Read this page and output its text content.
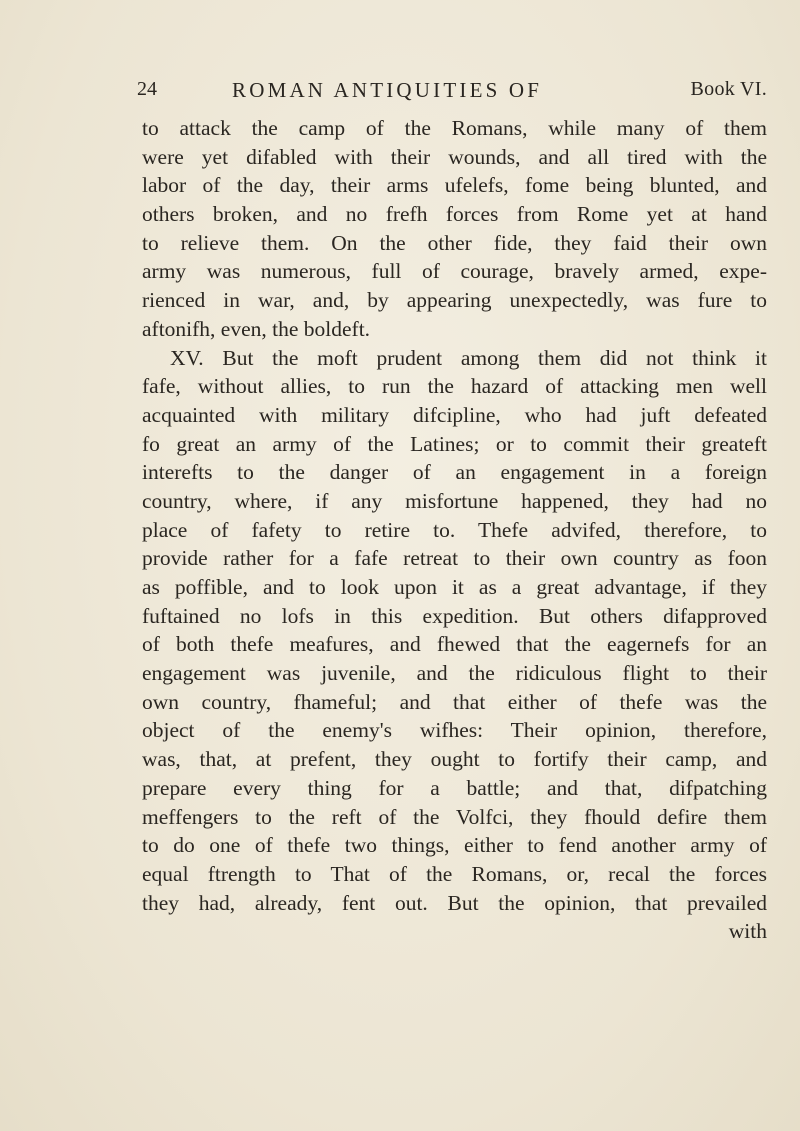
24	ROMAN ANTIQUITIES OF	Book VI.
to attack the camp of the Romans, while many of them
were yet difabled with their wounds, and all tired with the
labor of the day, their arms ufelefs, fome being blunted, and
others broken, and no frefh forces from Rome yet at hand
to relieve them. On the other fide, they faid their own
army was numerous, full of courage, bravely armed, expe-
rienced in war, and, by appearing unexpectedly, was fure to
aftonifh, even, the boldeft.
XV. But the moft prudent among them did not think it
fafe, without allies, to run the hazard of attacking men well
acquainted with military difcipline, who had juft defeated
fo great an army of the Latines; or to commit their greateft
interefts to the danger of an engagement in a foreign
country, where, if any misfortune happened, they had no
place of fafety to retire to. Thefe advifed, therefore, to
provide rather for a fafe retreat to their own country as foon
as poffible, and to look upon it as a great advantage, if they
fuftained no lofs in this expedition. But others difapproved
of both thefe meafures, and fhewed that the eagernefs for an
engagement was juvenile, and the ridiculous flight to their
own country, fhameful; and that either of thefe was the
object of the enemy's wifhes: Their opinion, therefore,
was, that, at prefent, they ought to fortify their camp, and
prepare every thing for a battle; and that, difpatching
meffengers to the reft of the Volfci, they fhould defire them
to do one of thefe two things, either to fend another army of
equal ftrength to That of the Romans, or, recal the forces
they had, already, fent out. But the opinion, that prevailed
with
